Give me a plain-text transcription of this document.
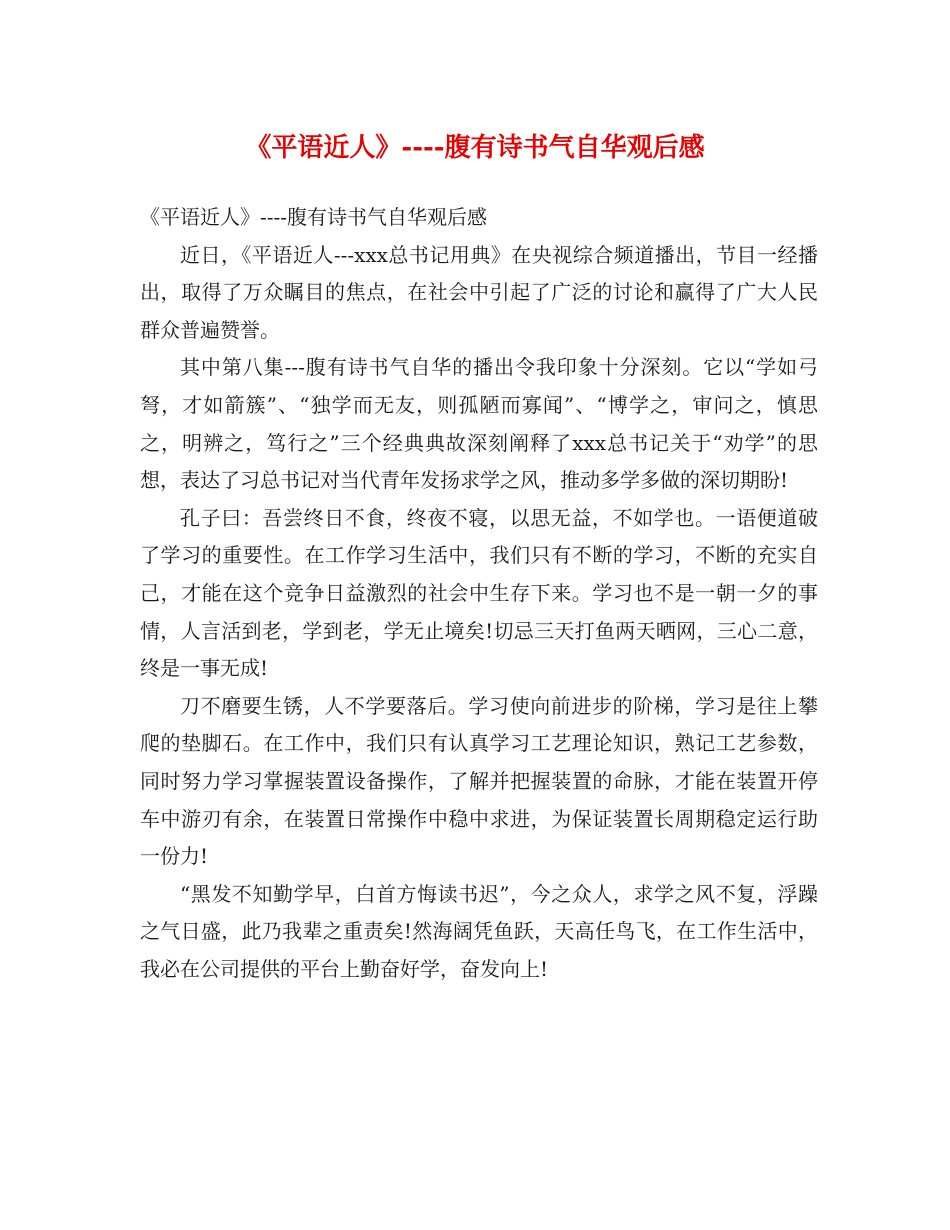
《平语近人》----腹有诗书气自华观后感

《平语近人》----腹有诗书气自华观后感

近日，《平语近人---xxx总书记用典》在央视综合频道播出，节目一经播出，取得了万众瞩目的焦点，在社会中引起了广泛的讨论和赢得了广大人民群众普遍赞誉。

其中第八集---腹有诗书气自华的播出令我印象十分深刻。它以“学如弓弩，才如箭簇”、“独学而无友，则孤陋而寡闻”、“博学之，审问之，慎思之，明辨之，笃行之”三个经典典故深刻阐释了xxx总书记关于“劝学”的思想，表达了习总书记对当代青年发扬求学之风，推动多学多做的深切期盼!

孔子曰：吾尝终日不食，终夜不寝，以思无益，不如学也。一语便道破了学习的重要性。在工作学习生活中，我们只有不断的学习，不断的充实自己，才能在这个竞争日益激烈的社会中生存下来。学习也不是一朝一夕的事情，人言活到老，学到老，学无止境矣!切忌三天打鱼两天晒网，三心二意，终是一事无成!

刀不磨要生锈，人不学要落后。学习使向前进步的阶梯，学习是往上攀爬的垫脚石。在工作中，我们只有认真学习工艺理论知识，熟记工艺参数，同时努力学习掌握装置设备操作，了解并把握装置的命脉，才能在装置开停车中游刃有余，在装置日常操作中稳中求进，为保证装置长周期稳定运行助一份力!

“黑发不知勤学早，白首方悔读书迟”，今之众人，求学之风不复，浮躁之气日盛，此乃我辈之重责矣!然海阔凭鱼跃，天高任鸟飞，在工作生活中，我必在公司提供的平台上勤奋好学，奋发向上!
